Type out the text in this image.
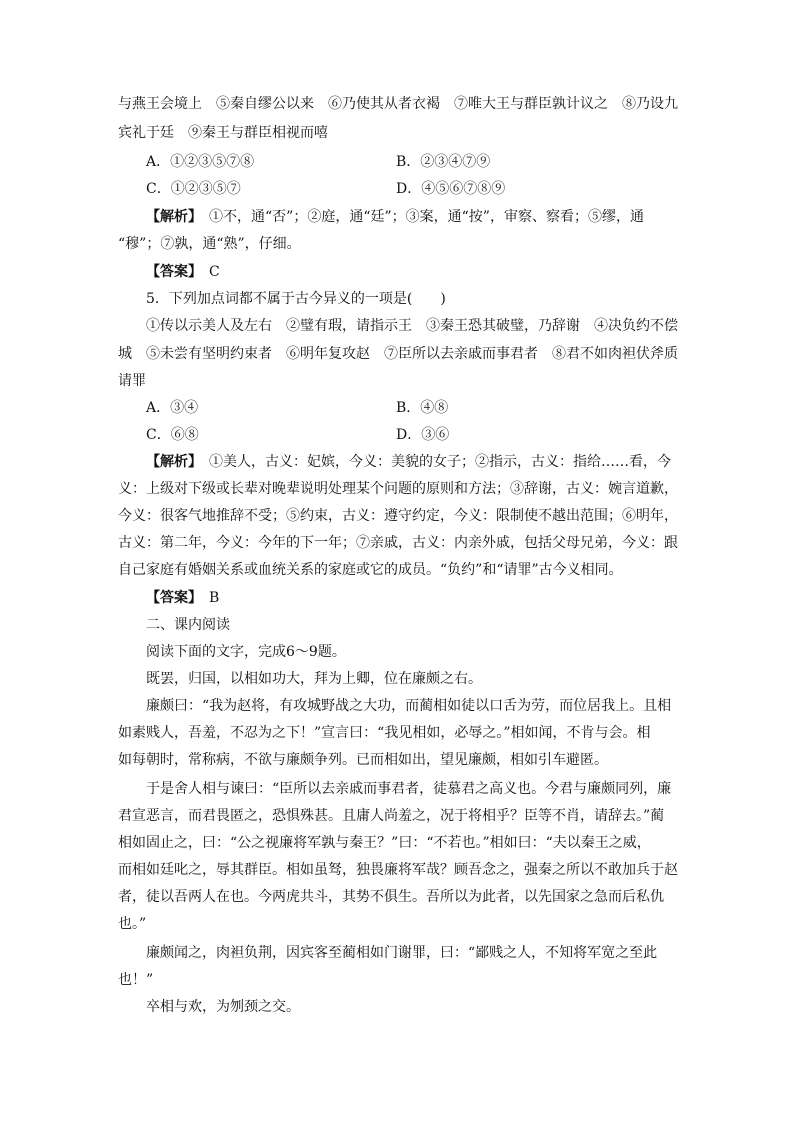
与燕王会境上　⑤秦自缪公以来　⑥乃使其从者衣褐　⑦唯大王与群臣孰计议之　⑧乃设九
宾礼于廷　⑨秦王与群臣相视而嘻
A．①②③⑤⑦⑧	B．②③④⑦⑨
C．①②③⑤⑦	D．④⑤⑥⑦⑧⑨
【解析】　①不，通“否”；②庭，通“廷”；③案，通“按”，审察、察看；⑤缪，通
“穆”；⑦孰，通“熟”，仔细。
【答案】　C
5．下列加点词都不属于古今异义的一项是(　　)
①传以示美人及左右　②璧有瑕，请指示王　③秦王恐其破璧，乃辞谢　④决负约不偿
城　⑤未尝有坚明约束者　⑥明年复攻赵　⑦臣所以去亲戚而事君者　⑧君不如肉袒伏斧质
请罪
A．③④	B．④⑧
C．⑥⑧	D．③⑥
【解析】　①美人，古义：妃嫔，今义：美貌的女子；②指示，古义：指给……看，今
义：上级对下级或长辈对晚辈说明处理某个问题的原则和方法；③辞谢，古义：婉言道歉，
今义：很客气地推辞不受；⑤约束，古义：遵守约定，今义：限制使不越出范围；⑥明年，
古义：第二年，今义：今年的下一年；⑦亲戚，古义：内亲外戚，包括父母兄弟，今义：跟
自己家庭有婚姻关系或血统关系的家庭或它的成员。“负约”和“请罪”古今义相同。
【答案】　B
二、课内阅读
阅读下面的文字，完成6～9题。
既罢，归国，以相如功大，拜为上卿，位在廉颇之右。
廉颇曰：“我为赵将，有攻城野战之大功，而蔺相如徒以口舌为劳，而位居我上。且相
如素贱人，吾羞，不忍为之下！”宣言曰：“我见相如，必辱之。”相如闻，不肯与会。相
如每朝时，常称病，不欲与廉颇争列。已而相如出，望见廉颇，相如引车避匿。
于是舍人相与谏曰：“臣所以去亲戚而事君者，徒慕君之高义也。今君与廉颇同列，廉
君宣恶言，而君畏匿之，恐惧殊甚。且庸人尚羞之，况于将相乎？臣等不肖，请辞去。”蔺
相如固止之，曰：“公之视廉将军孰与秦王？”曰：“不若也。”相如曰：“夫以秦王之威，
而相如廷叱之，辱其群臣。相如虽驽，独畏廉将军哉？顾吾念之，强秦之所以不敢加兵于赵
者，徒以吾两人在也。今两虎共斗，其势不俱生。吾所以为此者，以先国家之急而后私仇
也。”
廉颇闻之，肉袒负荆，因宾客至蔺相如门谢罪，曰：“鄙贱之人，不知将军宽之至此
也！”
卒相与欢，为刎颈之交。
